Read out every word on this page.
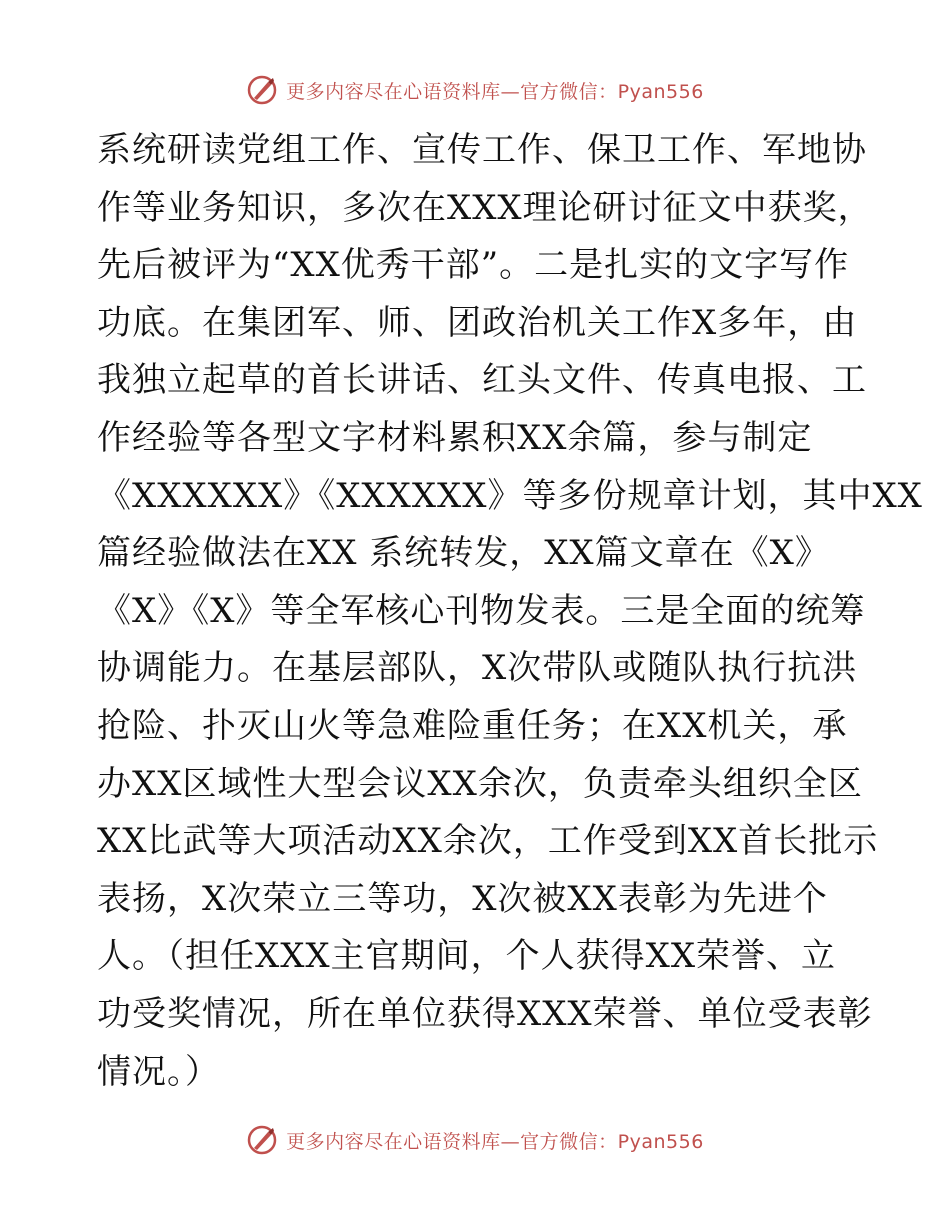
更多内容尽在心语资料库—官方微信：Pyan556
系统研读党组工作、宣传工作、保卫工作、军地协
作等业务知识，多次在XXX理论研讨征文中获奖，
先后被评为“XX优秀干部”。二是扎实的文字写作
功底。在集团军、师、团政治机关工作X多年，由
我独立起草的首长讲话、红头文件、传真电报、工
作经验等各型文字材料累积XX余篇，参与制定
《XXXXXX》《XXXXXX》等多份规章计划，其中XX
篇经验做法在XX 系统转发，XX篇文章在《X》
《X》《X》等全军核心刊物发表。三是全面的统筹
协调能力。在基层部队，X次带队或随队执行抗洪
抢险、扑灭山火等急难险重任务；在XX机关，承
办XX区域性大型会议XX余次，负责牵头组织全区
XX比武等大项活动XX余次，工作受到XX首长批示
表扬，X次荣立三等功，X次被XX表彰为先进个
人。（担任XXX主官期间，个人获得XX荣誉、立
功受奖情况，所在单位获得XXX荣誉、单位受表彰
情况。）
更多内容尽在心语资料库—官方微信：Pyan556
